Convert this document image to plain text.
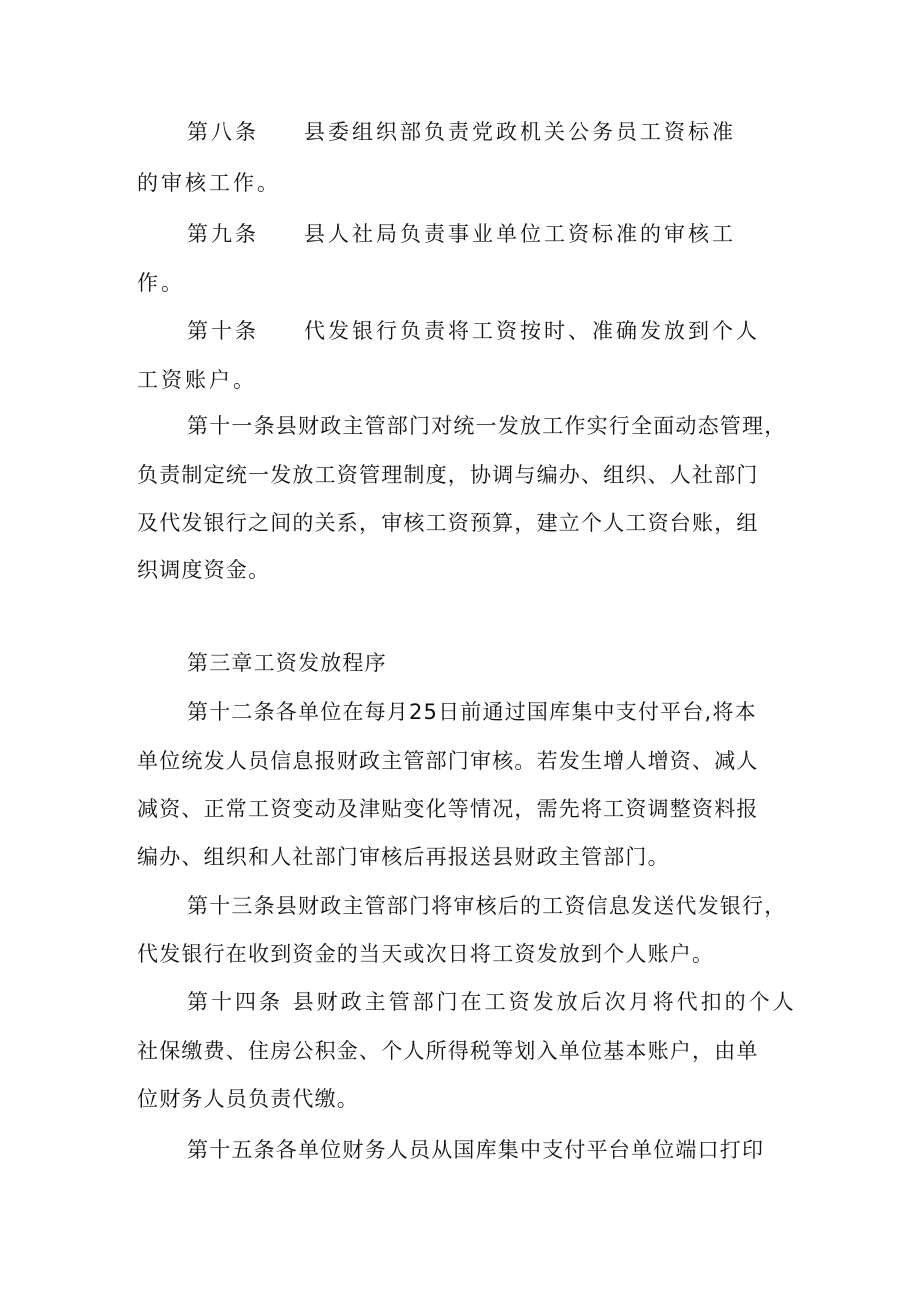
第八条 县委组织部负责党政机关公务员工资标准
的审核工作。
第九条 县人社局负责事业单位工资标准的审核工
作。
第十条 代发银行负责将工资按时、准确发放到个人
工资账户。
第十一条县财政主管部门对统一发放工作实行全面动态管理，
负责制定统一发放工资管理制度，协调与编办、组织、人社部门
及代发银行之间的关系，审核工资预算，建立个人工资台账，组
织调度资金。
第三章工资发放程序
第十二条各单位在每月25日前通过国库集中支付平台,将本
单位统发人员信息报财政主管部门审核。若发生增人增资、减人
减资、正常工资变动及津贴变化等情况，需先将工资调整资料报
编办、组织和人社部门审核后再报送县财政主管部门。
第十三条县财政主管部门将审核后的工资信息发送代发银行，
代发银行在收到资金的当天或次日将工资发放到个人账户。
第十四条 县财政主管部门在工资发放后次月将代扣的个人
社保缴费、住房公积金、个人所得税等划入单位基本账户，由单
位财务人员负责代缴。
第十五条各单位财务人员从国库集中支付平台单位端口打印
